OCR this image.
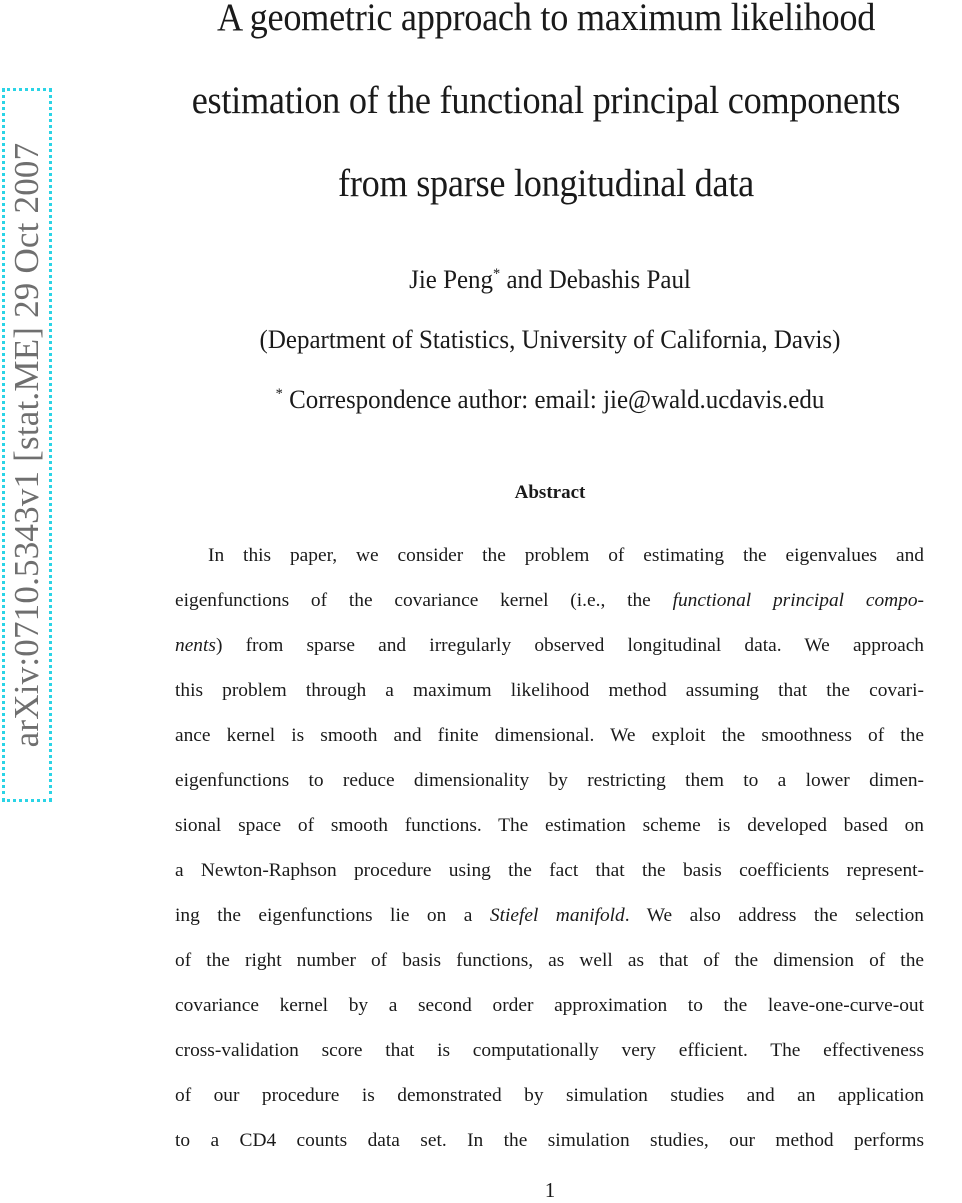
arXiv:0710.5343v1 [stat.ME] 29 Oct 2007
A geometric approach to maximum likelihood
estimation of the functional principal components
from sparse longitudinal data
Jie Peng* and Debashis Paul
(Department of Statistics, University of California, Davis)
* Correspondence author: email: jie@wald.ucdavis.edu
Abstract
In this paper, we consider the problem of estimating the eigenvalues and
eigenfunctions of the covariance kernel (i.e., the functional principal compo-
nents) from sparse and irregularly observed longitudinal data. We approach
this problem through a maximum likelihood method assuming that the covari-
ance kernel is smooth and finite dimensional. We exploit the smoothness of the
eigenfunctions to reduce dimensionality by restricting them to a lower dimen-
sional space of smooth functions. The estimation scheme is developed based on
a Newton-Raphson procedure using the fact that the basis coefficients represent-
ing the eigenfunctions lie on a Stiefel manifold. We also address the selection
of the right number of basis functions, as well as that of the dimension of the
covariance kernel by a second order approximation to the leave-one-curve-out
cross-validation score that is computationally very efficient. The effectiveness
of our procedure is demonstrated by simulation studies and an application
to a CD4 counts data set. In the simulation studies, our method performs
1
